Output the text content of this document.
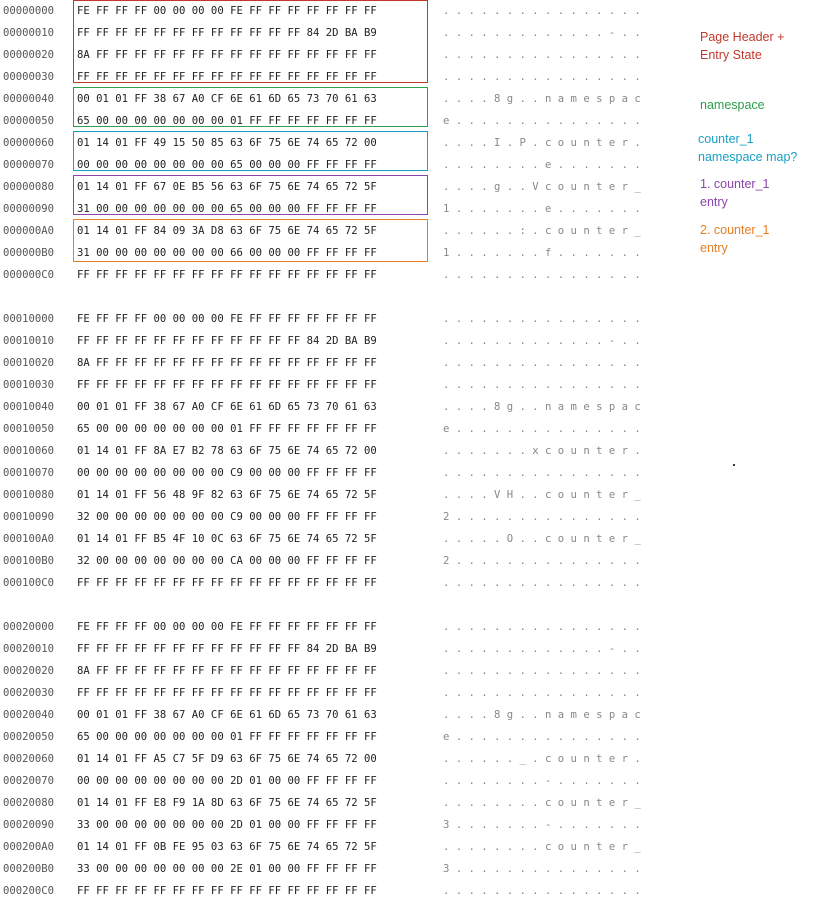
00000000 FE FF FF FF 00 00 00 00 FE FF FF FF FF FF FF FF	. . . . . . . . . . . . . . . .
00000010 FF FF FF FF FF FF FF FF FF FF FF FF 84 2D BA B9	. . . . . . . . . . . . . - . .
00000020 8A FF FF FF FF FF FF FF FF FF FF FF FF FF FF FF	. . . . . . . . . . . . . . . .
00000030 FF FF FF FF FF FF FF FF FF FF FF FF FF FF FF FF	. . . . . . . . . . . . . . . .
00000040 00 01 01 FF 38 67 A0 CF 6E 61 6D 65 73 70 61 63	. . . . 8 g . . n a m e s p a c
00000050 65 00 00 00 00 00 00 00 01 FF FF FF FF FF FF FF	e . . . . . . . . . . . . . . .
00000060 01 14 01 FF 49 15 50 85 63 6F 75 6E 74 65 72 00	. . . . I . P . c o u n t e r .
00000070 00 00 00 00 00 00 00 00 65 00 00 00 FF FF FF FF	. . . . . . . . e . . . . . . .
00000080 01 14 01 FF 67 0E B5 56 63 6F 75 6E 74 65 72 5F	. . . . g . . V c o u n t e r _
00000090 31 00 00 00 00 00 00 00 65 00 00 00 FF FF FF FF	1 . . . . . . . e . . . . . . .
000000A0 01 14 01 FF 84 09 3A D8 63 6F 75 6E 74 65 72 5F	. . . . . . : . c o u n t e r _
000000B0 31 00 00 00 00 00 00 00 66 00 00 00 FF FF FF FF	1 . . . . . . . f . . . . . . .
000000C0 FF FF FF FF FF FF FF FF FF FF FF FF FF FF FF FF	. . . . . . . . . . . . . . . .
00010000 FE FF FF FF 00 00 00 00 FE FF FF FF FF FF FF FF	. . . . . . . . . . . . . . . .
00010010 FF FF FF FF FF FF FF FF FF FF FF FF 84 2D BA B9	. . . . . . . . . . . . . - . .
00010020 8A FF FF FF FF FF FF FF FF FF FF FF FF FF FF FF	. . . . . . . . . . . . . . . .
00010030 FF FF FF FF FF FF FF FF FF FF FF FF FF FF FF FF	. . . . . . . . . . . . . . . .
00010040 00 01 01 FF 38 67 A0 CF 6E 61 6D 65 73 70 61 63	. . . . 8 g . . n a m e s p a c
00010050 65 00 00 00 00 00 00 00 01 FF FF FF FF FF FF FF	e . . . . . . . . . . . . . . .
00010060 01 14 01 FF 8A E7 B2 78 63 6F 75 6E 74 65 72 00	. . . . . . . x c o u n t e r .
00010070 00 00 00 00 00 00 00 00 C9 00 00 00 FF FF FF FF	. . . . . . . . . . . . . . . .
00010080 01 14 01 FF 56 48 9F 82 63 6F 75 6E 74 65 72 5F	. . . . V H . . c o u n t e r _
00010090 32 00 00 00 00 00 00 00 C9 00 00 00 FF FF FF FF	2 . . . . . . . . . . . . . . .
000100A0 01 14 01 FF B5 4F 10 0C 63 6F 75 6E 74 65 72 5F	. . . . . O . . c o u n t e r _
000100B0 32 00 00 00 00 00 00 00 CA 00 00 00 FF FF FF FF	2 . . . . . . . . . . . . . . .
000100C0 FF FF FF FF FF FF FF FF FF FF FF FF FF FF FF FF	. . . . . . . . . . . . . . . .
00020000 FE FF FF FF 00 00 00 00 FE FF FF FF FF FF FF FF	. . . . . . . . . . . . . . . .
00020010 FF FF FF FF FF FF FF FF FF FF FF FF 84 2D BA B9	. . . . . . . . . . . . . - . .
00020020 8A FF FF FF FF FF FF FF FF FF FF FF FF FF FF FF	. . . . . . . . . . . . . . . .
00020030 FF FF FF FF FF FF FF FF FF FF FF FF FF FF FF FF	. . . . . . . . . . . . . . . .
00020040 00 01 01 FF 38 67 A0 CF 6E 61 6D 65 73 70 61 63	. . . . 8 g . . n a m e s p a c
00020050 65 00 00 00 00 00 00 00 01 FF FF FF FF FF FF FF	e . . . . . . . . . . . . . . .
00020060 01 14 01 FF A5 C7 5F D9 63 6F 75 6E 74 65 72 00	. . . . . . _ . c o u n t e r .
00020070 00 00 00 00 00 00 00 00 2D 01 00 00 FF FF FF FF	. . . . . . . . - . . . . . . .
00020080 01 14 01 FF E8 F9 1A 8D 63 6F 75 6E 74 65 72 5F	. . . . . . . . c o u n t e r _
00020090 33 00 00 00 00 00 00 00 2D 01 00 00 FF FF FF FF	3 . . . . . . . - . . . . . . .
000200A0 01 14 01 FF 0B FE 95 03 63 6F 75 6E 74 65 72 5F	. . . . . . . . c o u n t e r _
000200B0 33 00 00 00 00 00 00 00 2E 01 00 00 FF FF FF FF	3 . . . . . . . . . . . . . . .
000200C0 FF FF FF FF FF FF FF FF FF FF FF FF FF FF FF FF	. . . . . . . . . . . . . . . .
Page Header +
Entry State
namespace
counter_1
namespace map?
1. counter_1
entry
2. counter_1
entry
